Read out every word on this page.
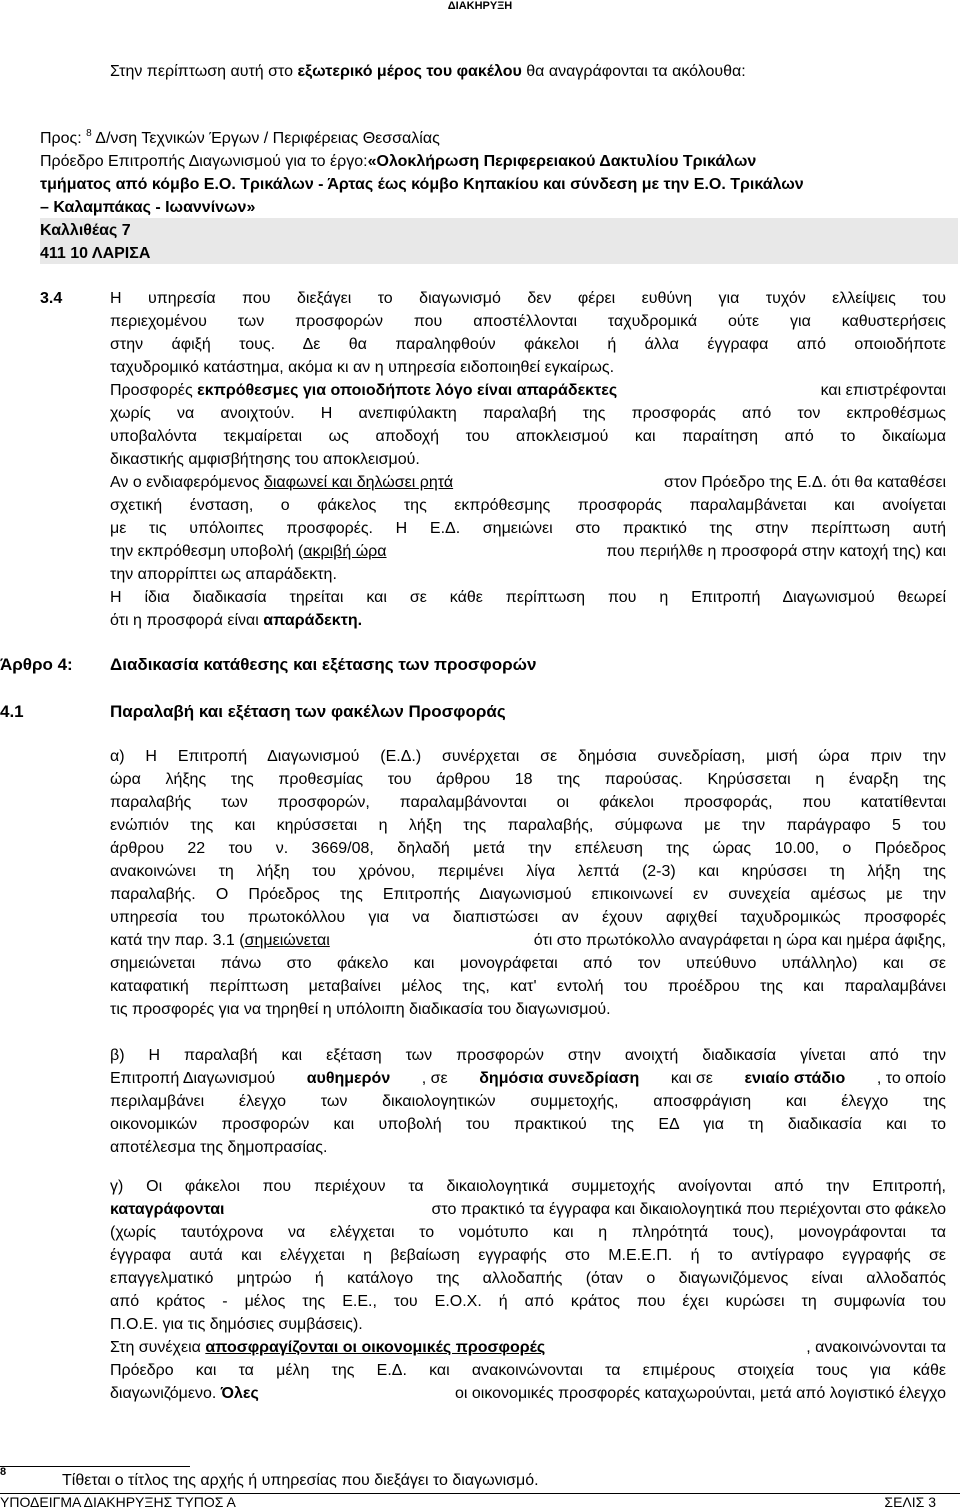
ΔΙΑΚΗΡΥΞΗ
Στην περίπτωση αυτή στο εξωτερικό μέρος του φακέλου θα αναγράφονται τα ακόλουθα:
Προς: $^8$ Δ/νση Τεχνικών Έργων / Περιφέρειας Θεσσαλίας
Πρόεδρο Επιτροπής Διαγωνισμού για το έργο:«Ολοκλήρωση Περιφερειακού Δακτυλίου Τρικάλων
τμήματος από κόμβο Ε.Ο. Τρικάλων - Άρτας έως κόμβο Κηπακίου και σύνδεση με την Ε.Ο. Τρικάλων
– Καλαμπάκας - Ιωαννίνων»
Καλλιθέας 7
411 10 ΛΑΡΙΣΑ
3.4	Η υπηρεσία που διεξάγει το διαγωνισμό δεν φέρει ευθύνη για τυχόν ελλείψεις του
περιεχομένου των προσφορών που αποστέλλονται ταχυδρομικά ούτε για καθυστερήσεις
στην άφιξή τους. Δε θα παραληφθούν φάκελοι ή άλλα έγγραφα από οποιοδήποτε
ταχυδρομικό κατάστημα, ακόμα κι αν η υπηρεσία ειδοποιηθεί εγκαίρως.
Προσφορές εκπρόθεσμες για οποιοδήποτε λόγο είναι απαράδεκτες	και επιστρέφονται
χωρίς να ανοιχτούν. Η ανεπιφύλακτη παραλαβή της προσφοράς από τον εκπροθέσμως
υποβαλόντα τεκμαίρεται ως αποδοχή του αποκλεισμού και παραίτηση από το δικαίωμα
δικαστικής αμφισβήτησης του αποκλεισμού.
Αν ο ενδιαφερόμενος διαφωνεί και δηλώσει ρητά	στον Πρόεδρο της Ε.Δ. ότι θα καταθέσει
σχετική ένσταση, ο φάκελος της εκπρόθεσμης προσφοράς παραλαμβάνεται και ανοίγεται
με τις υπόλοιπες προσφορές. Η Ε.Δ. σημειώνει στο πρακτικό της στην περίπτωση αυτή
την εκπρόθεσμη υποβολή (ακριβή ώρα	που περιήλθε η προσφορά στην κατοχή της) και
την απορρίπτει ως απαράδεκτη.
Η ίδια διαδικασία τηρείται και σε κάθε περίπτωση που η Επιτροπή Διαγωνισμού θεωρεί
ότι η προσφορά είναι απαράδεκτη.
Άρθρο 4: Διαδικασία κατάθεσης και εξέτασης των προσφορών
4.1	Παραλαβή και εξέταση των φακέλων Προσφοράς
α) Η Επιτροπή Διαγωνισμού (Ε.Δ.) συνέρχεται σε δημόσια συνεδρίαση, μισή ώρα πριν την
ώρα λήξης της προθεσμίας του άρθρου 18 της παρούσας. Κηρύσσεται η έναρξη της
παραλαβής των προσφορών, παραλαμβάνονται οι φάκελοι προσφοράς, που κατατίθενται
ενώπιόν της και κηρύσσεται η λήξη της παραλαβής, σύμφωνα με την παράγραφο 5 του
άρθρου 22 του ν. 3669/08, δηλαδή μετά την επέλευση της ώρας 10.00, ο Πρόεδρος
ανακοινώνει τη λήξη του χρόνου, περιμένει λίγα λεπτά (2-3) και κηρύσσει τη λήξη της
παραλαβής. Ο Πρόεδρος της Επιτροπής Διαγωνισμού επικοινωνεί εν συνεχεία αμέσως με την
υπηρεσία του πρωτοκόλλου για να διαπιστώσει αν έχουν αφιχθεί ταχυδρομικώς προσφορές
κατά την παρ. 3.1 (σημειώνεται	ότι στο πρωτόκολλο αναγράφεται η ώρα και ημέρα άφιξης,
σημειώνεται πάνω στο φάκελο και μονογράφεται από τον υπεύθυνο υπάλληλο) και σε
καταφατική περίπτωση μεταβαίνει μέλος της, κατ' εντολή του προέδρου της και παραλαμβάνει
τις προσφορές για να τηρηθεί η υπόλοιπη διαδικασία του διαγωνισμού.
β) Η παραλαβή και εξέταση των προσφορών στην ανοιχτή διαδικασία γίνεται από την
Επιτροπή Διαγωνισμού αυθημερόν , σε δημόσια συνεδρίαση και σε ενιαίο στάδιο , το οποίο
περιλαμβάνει έλεγχο των δικαιολογητικών συμμετοχής, αποσφράγιση και έλεγχο της
οικονομικών προσφορών και υποβολή του πρακτικού της ΕΔ για τη διαδικασία και το
αποτέλεσμα της δημοπρασίας.
γ) Οι φάκελοι που περιέχουν τα δικαιολογητικά συμμετοχής ανοίγονται από την Επιτροπή,
καταγράφονται	στο πρακτικό τα έγγραφα και δικαιολογητικά που περιέχονται στο φάκελο
(χωρίς ταυτόχρονα να ελέγχεται το νομότυπο και η πληρότητά τους), μονογράφονται τα
έγγραφα αυτά και ελέγχεται η βεβαίωση εγγραφής στο Μ.Ε.Ε.Π. ή το αντίγραφο εγγραφής σε
επαγγελματικό μητρώο ή κατάλογο της αλλοδαπής (όταν ο διαγωνιζόμενος είναι αλλοδαπός
από κράτος - μέλος της Ε.Ε., του Ε.Ο.Χ. ή από κράτος που έχει κυρώσει τη συμφωνία του
Π.Ο.Ε. για τις δημόσιες συμβάσεις).
Στη συνέχεια αποσφραγίζονται οι οικονομικές προσφορές	, ανακοινώνονται τα
Πρόεδρο και τα μέλη της Ε.Δ. και ανακοινώνονται τα επιμέρους στοιχεία τους για κάθε
διαγωνιζόμενο. Όλες	οι οικονομικές προσφορές καταχωρούνται, μετά από λογιστικό έλεγχο
8	Τίθεται ο τίτλος της αρχής ή υπηρεσίας που διεξάγει το διαγωνισμό.
ΥΠΟΔΕΙΓΜΑ ΔΙΑΚΗΡΥΞΗΣ ΤΥΠΟΣ Α	ΣΕΛΙΣ 3
